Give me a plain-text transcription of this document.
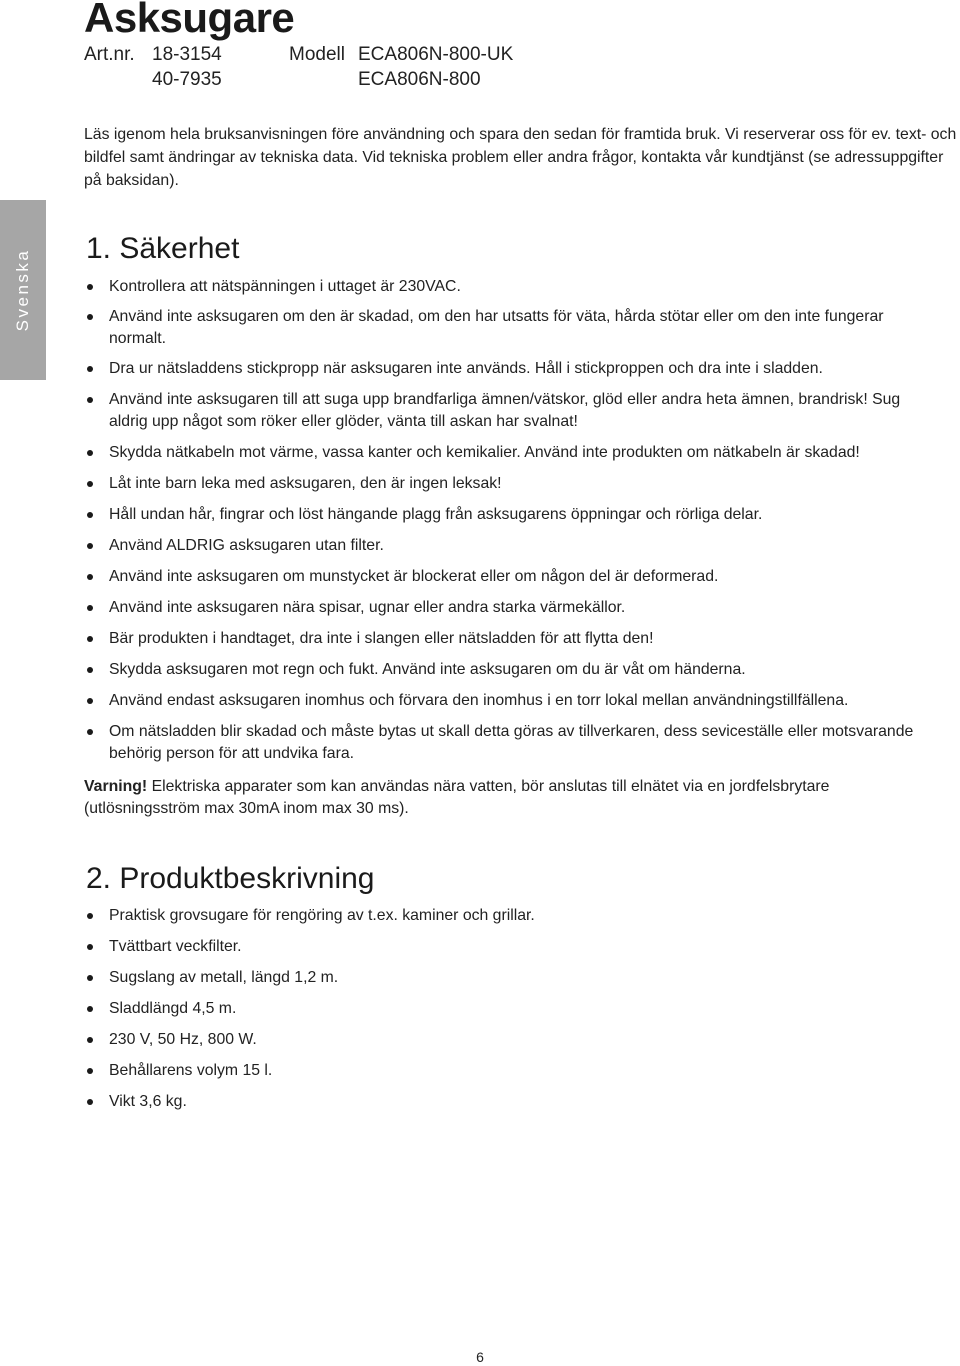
Asksugare
Art.nr. 18-3154	Modell ECA806N-800-UK
40-7935	ECA806N-800

Läs igenom hela bruksanvisningen före användning och spara den sedan för framtida bruk. Vi reserverar oss för ev. text- och bildfel samt ändringar av tekniska data. Vid tekniska problem eller andra frågor, kontakta vår kundtjänst (se adressuppgifter på baksidan).

Svenska
1. Säkerhet
Kontrollera att nätspänningen i uttaget är 230VAC.
Använd inte asksugaren om den är skadad, om den har utsatts för väta, hårda stötar eller om den inte fungerar normalt.
Dra ur nätsladdens stickpropp när asksugaren inte används. Håll i stickproppen och dra inte i sladden.
Använd inte asksugaren till att suga upp brandfarliga ämnen/vätskor, glöd eller andra heta ämnen, brandrisk! Sug aldrig upp något som röker eller glöder, vänta till askan har svalnat!
Skydda nätkabeln mot värme, vassa kanter och kemikalier. Använd inte produkten om nätkabeln är skadad!
Låt inte barn leka med asksugaren, den är ingen leksak!
Håll undan hår, fingrar och löst hängande plagg från asksugarens öppningar och rörliga delar.
Använd ALDRIG asksugaren utan filter.
Använd inte asksugaren om munstycket är blockerat eller om någon del är deformerad.
Använd inte asksugaren nära spisar, ugnar eller andra starka värmekällor.
Bär produkten i handtaget, dra inte i slangen eller nätsladden för att flytta den!
Skydda asksugaren mot regn och fukt. Använd inte asksugaren om du är våt om händerna.
Använd endast asksugaren inomhus och förvara den inomhus i en torr lokal mellan användningstillfällena.
Om nätsladden blir skadad och måste bytas ut skall detta göras av tillverkaren, dess seviceställe eller motsvarande behörig person för att undvika fara.

Varning! Elektriska apparater som kan användas nära vatten, bör anslutas till elnätet via en jordfelsbrytare (utlösningsström max 30mA inom max 30 ms).

2. Produktbeskrivning
Praktisk grovsugare för rengöring av t.ex. kaminer och grillar.
Tvättbart veckfilter.
Sugslang av metall, längd 1,2 m.
Sladdlängd 4,5 m.
230 V, 50 Hz, 800 W.
Behållarens volym 15 l.
Vikt 3,6 kg.
6
